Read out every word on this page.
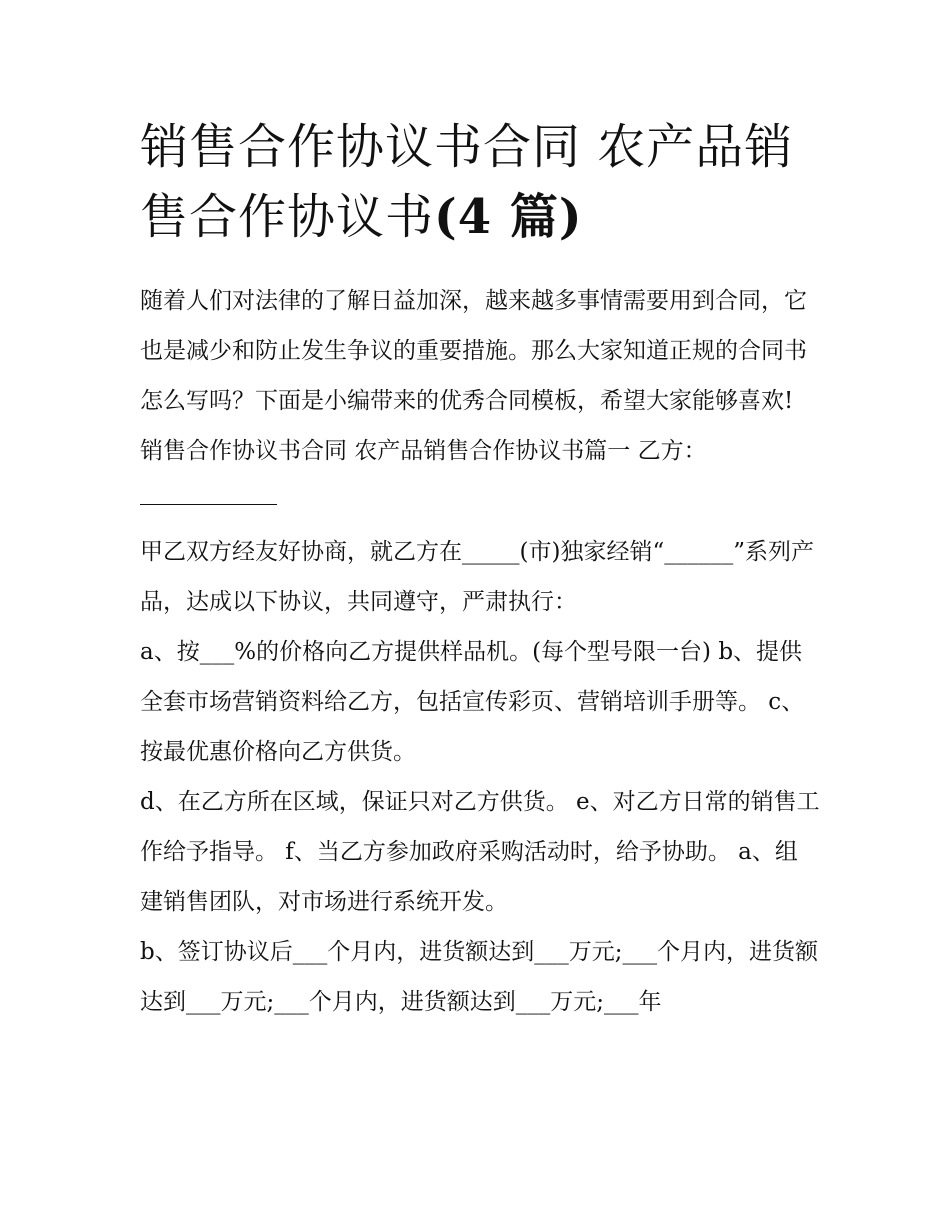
销售合作协议书合同 农产品销售合作协议书(4 篇)

随着人们对法律的了解日益加深，越来越多事情需要用到合同，它也是减少和防止发生争议的重要措施。那么大家知道正规的合同书怎么写吗？下面是小编带来的优秀合同模板，希望大家能够喜欢!

销售合作协议书合同 农产品销售合作协议书篇一 乙方：

甲乙双方经友好协商，就乙方在_____(市)独家经销“______”系列产品，达成以下协议，共同遵守，严肃执行：

a、按___%的价格向乙方提供样品机。(每个型号限一台) b、提供全套市场营销资料给乙方，包括宣传彩页、营销培训手册等。 c、按最优惠价格向乙方供货。

d、在乙方所在区域，保证只对乙方供货。 e、对乙方日常的销售工作给予指导。 f、当乙方参加政府采购活动时，给予协助。 a、组建销售团队，对市场进行系统开发。

b、签订协议后___个月内，进货额达到___万元;___个月内，进货额达到___万元;___个月内，进货额达到___万元;___年
